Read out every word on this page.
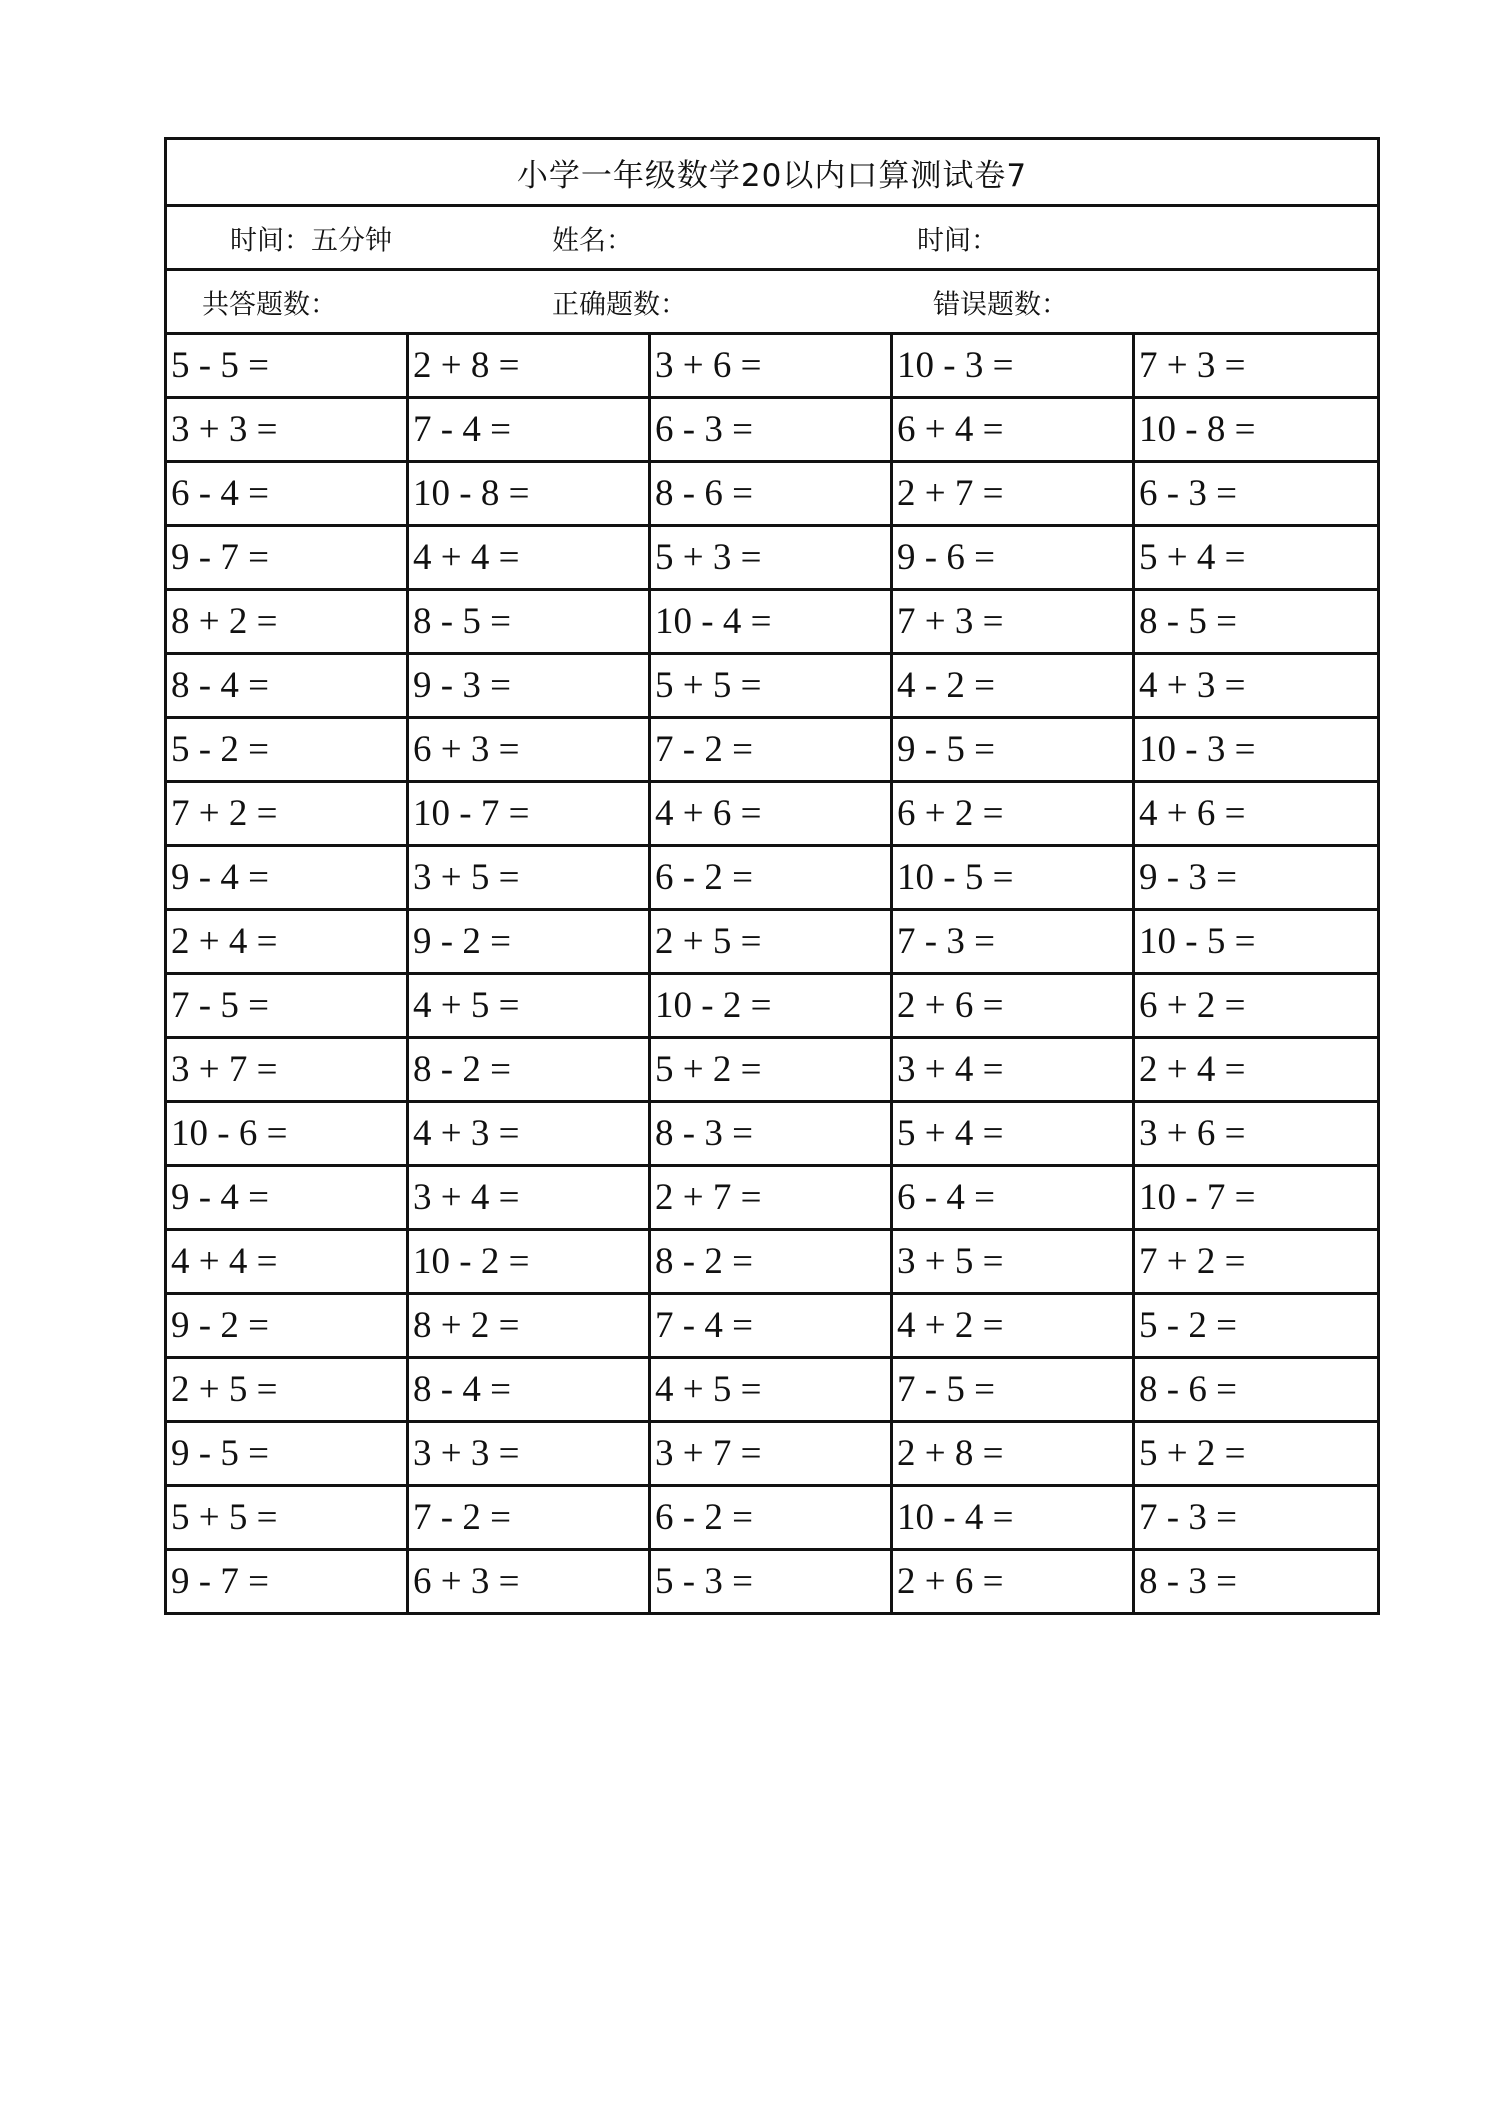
小学一年级数学20以内口算测试卷7
时间：五分钟	姓名：	时间：
共答题数：	正确题数：	错误题数：
5 - 5 =	2 + 8 =	3 + 6 =	10 - 3 =	7 + 3 =
3 + 3 =	7 - 4 =	6 - 3 =	6 + 4 =	10 - 8 =
6 - 4 =	10 - 8 =	8 - 6 =	2 + 7 =	6 - 3 =
9 - 7 =	4 + 4 =	5 + 3 =	9 - 6 =	5 + 4 =
8 + 2 =	8 - 5 =	10 - 4 =	7 + 3 =	8 - 5 =
8 - 4 =	9 - 3 =	5 + 5 =	4 - 2 =	4 + 3 =
5 - 2 =	6 + 3 =	7 - 2 =	9 - 5 =	10 - 3 =
7 + 2 =	10 - 7 =	4 + 6 =	6 + 2 =	4 + 6 =
9 - 4 =	3 + 5 =	6 - 2 =	10 - 5 =	9 - 3 =
2 + 4 =	9 - 2 =	2 + 5 =	7 - 3 =	10 - 5 =
7 - 5 =	4 + 5 =	10 - 2 =	2 + 6 =	6 + 2 =
3 + 7 =	8 - 2 =	5 + 2 =	3 + 4 =	2 + 4 =
10 - 6 =	4 + 3 =	8 - 3 =	5 + 4 =	3 + 6 =
9 - 4 =	3 + 4 =	2 + 7 =	6 - 4 =	10 - 7 =
4 + 4 =	10 - 2 =	8 - 2 =	3 + 5 =	7 + 2 =
9 - 2 =	8 + 2 =	7 - 4 =	4 + 2 =	5 - 2 =
2 + 5 =	8 - 4 =	4 + 5 =	7 - 5 =	8 - 6 =
9 - 5 =	3 + 3 =	3 + 7 =	2 + 8 =	5 + 2 =
5 + 5 =	7 - 2 =	6 - 2 =	10 - 4 =	7 - 3 =
9 - 7 =	6 + 3 =	5 - 3 =	2 + 6 =	8 - 3 =
